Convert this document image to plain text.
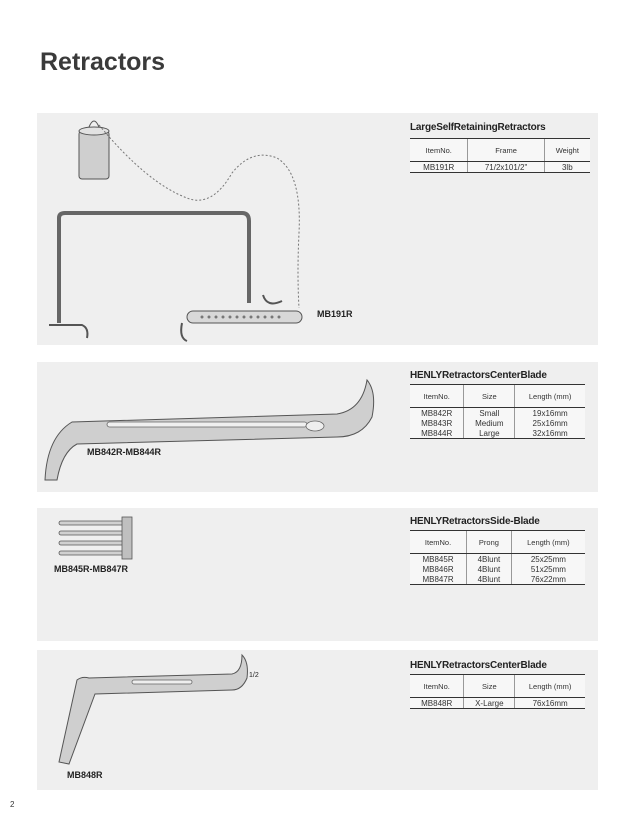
Retractors
MB191R
LargeSelfRetainingRetractors
ItemNo.	Frame	Weight
MB191R	71/2x101/2"	3lb
MB842R-MB844R
HENLYRetractorsCenterBlade
ItemNo.	Size	Length (mm)
MB842R	Small	19x16mm
MB843R	Medium	25x16mm
MB844R	Large	32x16mm
MB845R-MB847R
HENLYRetractorsSide-Blade
ItemNo.	Prong	Length (mm)
MB845R	4Blunt	25x25mm
MB846R	4Blunt	51x25mm
MB847R	4Blunt	76x22mm
1/2
MB848R
HENLYRetractorsCenterBlade
ItemNo.	Size	Length (mm)
MB848R	X-Large	76x16mm
2
